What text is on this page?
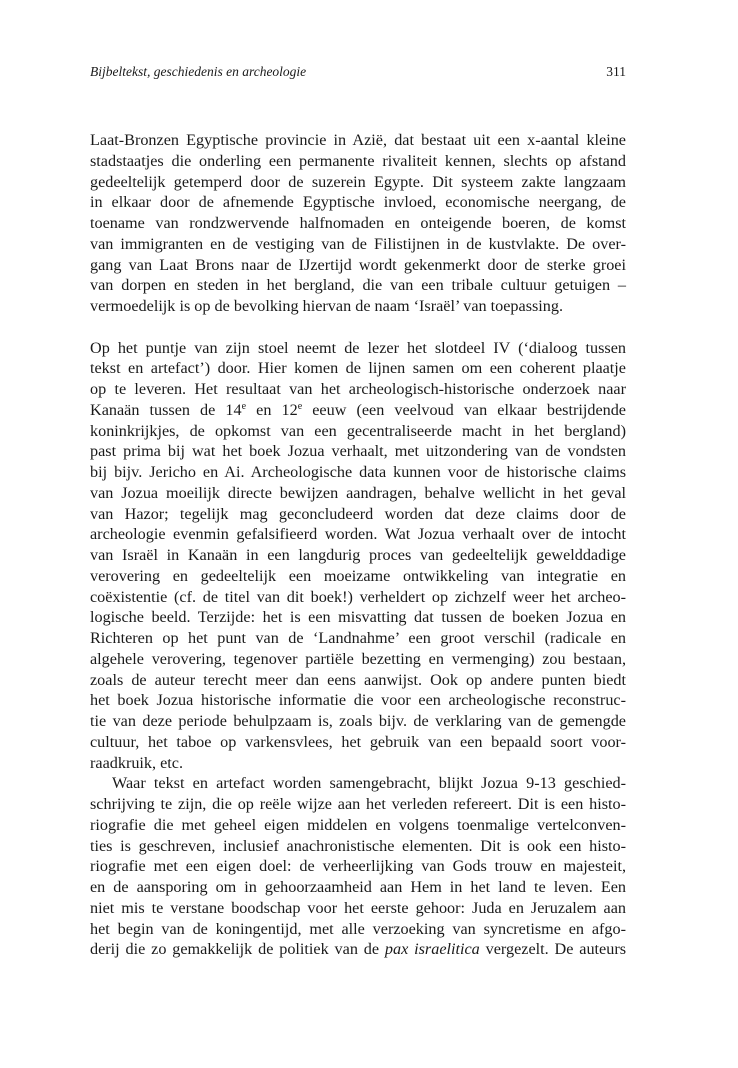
Bijbeltekst, geschiedenis en archeologie	311
Laat-Bronzen Egyptische provincie in Azië, dat bestaat uit een x-aantal kleine
stadstaatjes die onderling een permanente rivaliteit kennen, slechts op afstand
gedeeltelijk getemperd door de suzerein Egypte. Dit systeem zakte langzaam
in elkaar door de afnemende Egyptische invloed, economische neergang, de
toename van rondzwervende halfnomaden en onteigende boeren, de komst
van immigranten en de vestiging van de Filistijnen in de kustvlakte. De over-
gang van Laat Brons naar de IJzertijd wordt gekenmerkt door de sterke groei
van dorpen en steden in het bergland, die van een tribale cultuur getuigen –
vermoedelijk is op de bevolking hiervan de naam ‘Israël’ van toepassing.
Op het puntje van zijn stoel neemt de lezer het slotdeel IV (‘dialoog tussen
tekst en artefact’) door. Hier komen de lijnen samen om een coherent plaatje
op te leveren. Het resultaat van het archeologisch-historische onderzoek naar
Kanaän tussen de 14e en 12e eeuw (een veelvoud van elkaar bestrijdende
koninkrijkjes, de opkomst van een gecentraliseerde macht in het bergland)
past prima bij wat het boek Jozua verhaalt, met uitzondering van de vondsten
bij bijv. Jericho en Ai. Archeologische data kunnen voor de historische claims
van Jozua moeilijk directe bewijzen aandragen, behalve wellicht in het geval
van Hazor; tegelijk mag geconcludeerd worden dat deze claims door de
archeologie evenmin gefalsifieerd worden. Wat Jozua verhaalt over de intocht
van Israël in Kanaän in een langdurig proces van gedeeltelijk gewelddadige
verovering en gedeeltelijk een moeizame ontwikkeling van integratie en
coëxistentie (cf. de titel van dit boek!) verheldert op zichzelf weer het archeo-
logische beeld. Terzijde: het is een misvatting dat tussen de boeken Jozua en
Richteren op het punt van de ‘Landnahme’ een groot verschil (radicale en
algehele verovering, tegenover partiële bezetting en vermenging) zou bestaan,
zoals de auteur terecht meer dan eens aanwijst. Ook op andere punten biedt
het boek Jozua historische informatie die voor een archeologische reconstruc-
tie van deze periode behulpzaam is, zoals bijv. de verklaring van de gemengde
cultuur, het taboe op varkensvlees, het gebruik van een bepaald soort voor-
raadkruik, etc.
Waar tekst en artefact worden samengebracht, blijkt Jozua 9-13 geschied-
schrijving te zijn, die op reële wijze aan het verleden refereert. Dit is een histo-
riografie die met geheel eigen middelen en volgens toenmalige vertelconven-
ties is geschreven, inclusief anachronistische elementen. Dit is ook een histo-
riografie met een eigen doel: de verheerlijking van Gods trouw en majesteit,
en de aansporing om in gehoorzaamheid aan Hem in het land te leven. Een
niet mis te verstane boodschap voor het eerste gehoor: Juda en Jeruzalem aan
het begin van de koningentijd, met alle verzoeking van syncretisme en afgo-
derij die zo gemakkelijk de politiek van de pax israelitica vergezelt. De auteurs
